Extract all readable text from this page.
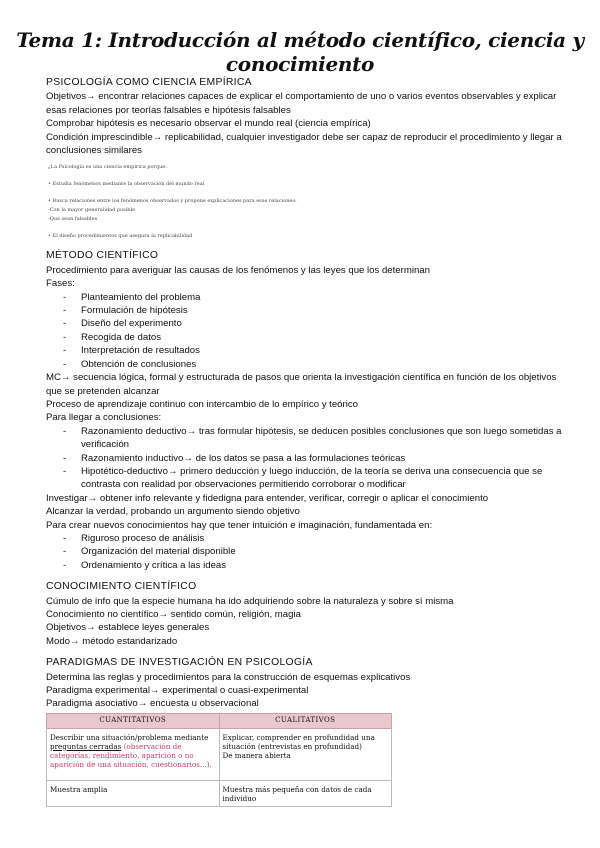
Tema 1: Introducción al método científico, ciencia y conocimiento
PSICOLOGÍA COMO CIENCIA EMPÍRICA

Objetivos→ encontrar relaciones capaces de explicar el comportamiento de uno o varios eventos observables y explicar esas relaciones por teorías falsables e hipótesis falsables

Comprobar hipótesis es necesario observar el mundo real (ciencia empírica)

Condición imprescindible→ replicabilidad, cualquier investigador debe ser capaz de reproducir el procedimiento y llegar a conclusiones similares

¿La Psicología es una ciencia empírica porque:
• Estudia fenómenos mediante la observación del mundo real
• Busca relaciones entre los fenómenos observados y propone explicaciones para esas relaciones:
-Con la mayor generalidad posible
-Que sean falsables
• El diseño procedimientos que asegura la replicabilidad
MÉTODO CIENTÍFICO

Procedimiento para averiguar las causas de los fenómenos y las leyes que los determinan

Fases:

- Planteamiento del problema
- Formulación de hipótesis
- Diseño del experimento
- Recogida de datos
- Interpretación de resultados
- Obtención de conclusiones

MC→ secuencia lógica, formal y estructurada de pasos que orienta la investigación científica en función de los objetivos que se pretenden alcanzar

Proceso de aprendizaje continuo con intercambio de lo empírico y teórico

Para llegar a conclusiones:

- Razonamiento deductivo→ tras formular hipótesis, se deducen posibles conclusiones que son luego sometidas a verificación
- Razonamiento inductivo→ de los datos se pasa a las formulaciones teóricas
- Hipotético-deductivo→ primero deducción y luego inducción, de la teoría se deriva una consecuencia que se contrasta con realidad por observaciones permitiendo corroborar o modificar

Investigar→ obtener info relevante y fidedigna para entender, verificar, corregir o aplicar el conocimiento

Alcanzar la verdad, probando un argumento siendo objetivo

Para crear nuevos conocimientos hay que tener intuición e imaginación, fundamentada en:

- Riguroso proceso de análisis
- Organización del material disponible
- Ordenamiento y crítica a las ideas
CONOCIMIENTO CIENTÍFICO

Cúmulo de info que la especie humana ha ido adquiriendo sobre la naturaleza y sobre sí misma

Conocimiento no científico→ sentido común, religión, magia

Objetivos→ establece leyes generales

Modo→ método estandarizado

PARADIGMAS DE INVESTIGACIÓN EN PSICOLOGÍA

Determina las reglas y procedimientos para la construcción de esquemas explicativos

Paradigma experimental→ experimental o cuasi-experimental

Paradigma asociativo→ encuesta u observacional

CUANTITATIVOS	CUALITATIVOS
Describir una situación/problema mediante preguntas cerradas (observación de categorías, rendimiento, aparición o no aparición de una situación, cuestionarios...).	Explicar, comprender en profundidad una situación (entrevistas en profundidad)
De manera abierta

Muestra amplia	Muestra más pequeña con datos de cada individuo
